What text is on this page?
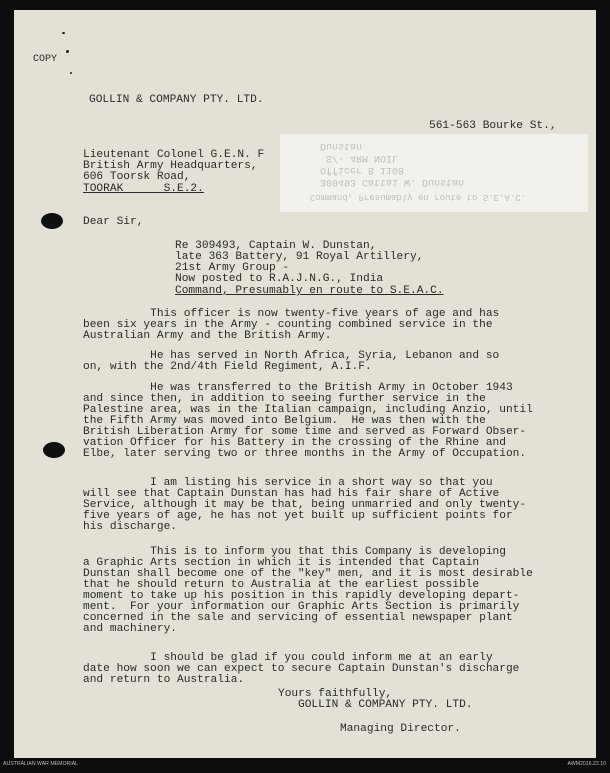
COPY
GOLLIN & COMPANY PTY. LTD.
561-563 Bourke St.,
Dunstan
S/- 4RM NOIL
Officer B 1108
309493 Cattai W. Dunstan
Command, Presumably en route to S.E.A.C.
Lieutenant Colonel G.E.N. F
British Army Headquarters,
606 Toorsk Road,
TOORAK      S.E.2.
Dear Sir,
Re 309493, Captain W. Dunstan,
late 363 Battery, 91 Royal Artillery,
21st Army Group -
Now posted to R.A.J.N.G., India
Command, Presumably en route to S.E.A.C.
This officer is now twenty-five years of age and has
been six years in the Army - counting combined service in the
Australian Army and the British Army.
He has served in North Africa, Syria, Lebanon and so
on, with the 2nd/4th Field Regiment, A.I.F.
He was transferred to the British Army in October 1943
and since then, in addition to seeing further service in the
Palestine area, was in the Italian campaign, including Anzio, until
the Fifth Army was moved into Belgium.  He was then with the
British Liberation Army for some time and served as Forward Obser-
vation Officer for his Battery in the crossing of the Rhine and
Elbe, later serving two or three months in the Army of Occupation.
I am listing his service in a short way so that you
will see that Captain Dunstan has had his fair share of Active
Service, although it may be that, being unmarried and only twenty-
five years of age, he has not yet built up sufficient points for
his discharge.
This is to inform you that this Company is developing
a Graphic Arts section in which it is intended that Captain
Dunstan shall become one of the "key" men, and it is most desirable
that he should return to Australia at the earliest possible
moment to take up his position in this rapidly developing depart-
ment.  For your information our Graphic Arts Section is primarily
concerned in the sale and servicing of essential newspaper plant
and machinery.
I should be glad if you could inform me at an early
date how soon we can expect to secure Captain Dunstan's discharge
and return to Australia.
Yours faithfully,
GOLLIN & COMPANY PTY. LTD.
Managing Director.
AUSTRALIAN WAR MEMORIAL	AWM2016.22.10
